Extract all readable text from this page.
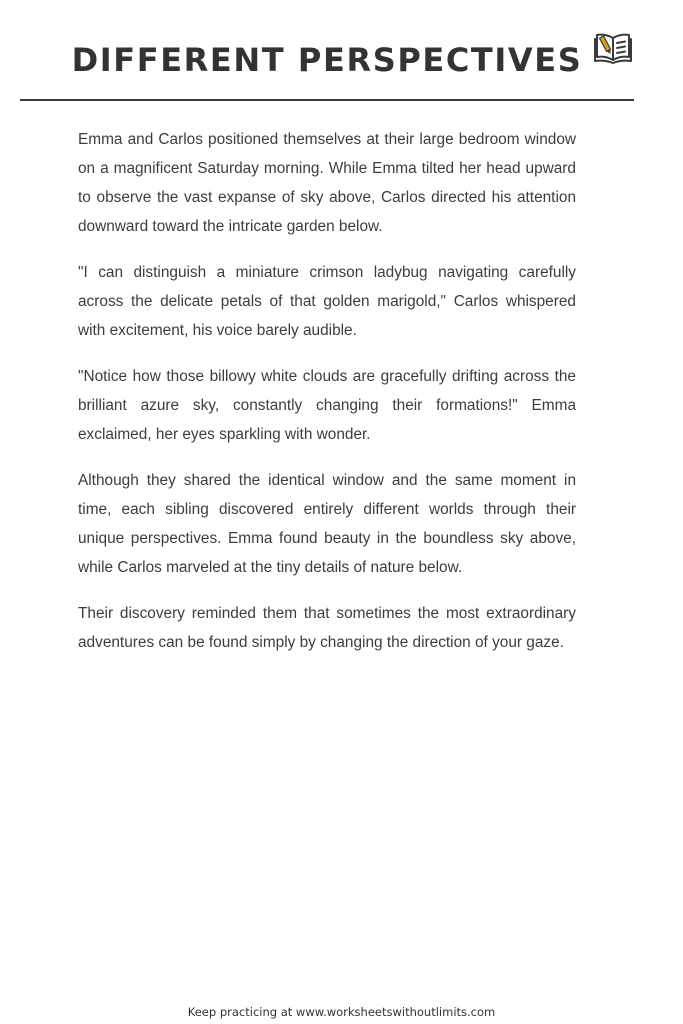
DIFFERENT PERSPECTIVES

Emma and Carlos positioned themselves at their large bedroom window on a magnificent Saturday morning. While Emma tilted her head upward to observe the vast expanse of sky above, Carlos directed his attention downward toward the intricate garden below.

"I can distinguish a miniature crimson ladybug navigating carefully across the delicate petals of that golden marigold," Carlos whispered with excitement, his voice barely audible.

"Notice how those billowy white clouds are gracefully drifting across the brilliant azure sky, constantly changing their formations!" Emma exclaimed, her eyes sparkling with wonder.

Although they shared the identical window and the same moment in time, each sibling discovered entirely different worlds through their unique perspectives. Emma found beauty in the boundless sky above, while Carlos marveled at the tiny details of nature below.

Their discovery reminded them that sometimes the most extraordinary adventures can be found simply by changing the direction of your gaze.

Keep practicing at www.worksheetswithoutlimits.com
